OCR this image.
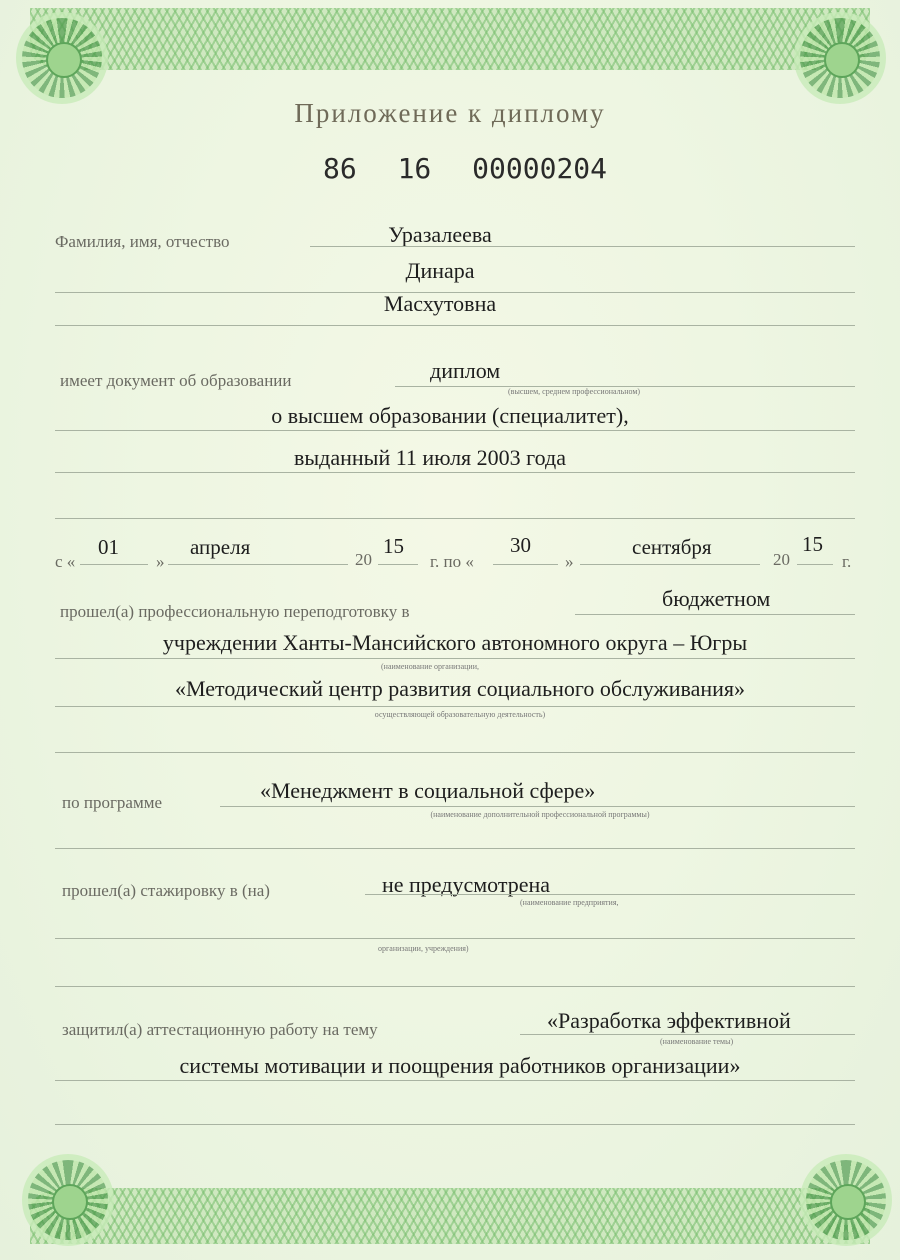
Приложение к диплому
86 16 00000204
Фамилия, имя, отчество	Уразалеева
Динара
Масхутовна
имеет документ об образовании	диплом
(высшем, среднем профессиональном)
о высшем образовании (специалитет),
выданный 11 июля 2003 года
с «
01
»
апреля
20
15
г. по «
30
»
сентября
20
15
г.
прошел(а) профессиональную переподготовку в
бюджетном
учреждении Ханты-Мансийского автономного округа – Югры
(наименование организации,
«Методический центр развития социального обслуживания»
осуществляющей образовательную деятельность)
по программе	«Менеджмент в социальной сфере»
(наименование дополнительной профессиональной программы)
прошел(а) стажировку в (на)	не предусмотрена
(наименование предприятия,
организации, учреждения)
защитил(а) аттестационную работу на тему	«Разработка эффективной
(наименование темы)
системы мотивации и поощрения работников организации»
